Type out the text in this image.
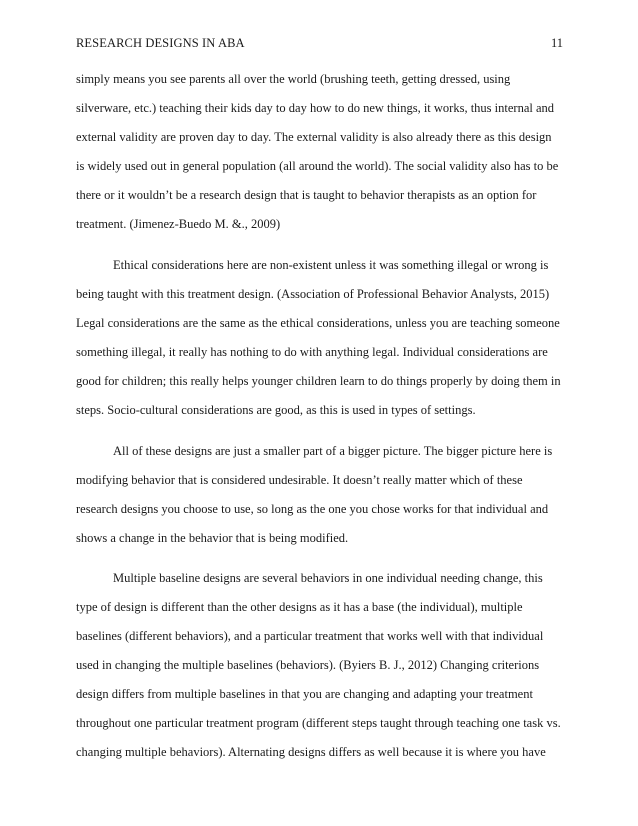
RESEARCH DESIGNS IN ABA	11
simply means you see parents all over the world (brushing teeth, getting dressed, using
silverware, etc.) teaching their kids day to day how to do new things, it works, thus internal and
external validity are proven day to day. The external validity is also already there as this design
is widely used out in general population (all around the world). The social validity also has to be
there or it wouldn’t be a research design that is taught to behavior therapists as an option for
treatment. (Jimenez-Buedo M. &., 2009)
Ethical considerations here are non-existent unless it was something illegal or wrong is
being taught with this treatment design. (Association of Professional Behavior Analysts, 2015)
Legal considerations are the same as the ethical considerations, unless you are teaching someone
something illegal, it really has nothing to do with anything legal. Individual considerations are
good for children; this really helps younger children learn to do things properly by doing them in
steps. Socio-cultural considerations are good, as this is used in types of settings.
All of these designs are just a smaller part of a bigger picture. The bigger picture here is
modifying behavior that is considered undesirable. It doesn’t really matter which of these
research designs you choose to use, so long as the one you chose works for that individual and
shows a change in the behavior that is being modified.
Multiple baseline designs are several behaviors in one individual needing change, this
type of design is different than the other designs as it has a base (the individual), multiple
baselines (different behaviors), and a particular treatment that works well with that individual
used in changing the multiple baselines (behaviors). (Byiers B. J., 2012) Changing criterions
design differs from multiple baselines in that you are changing and adapting your treatment
throughout one particular treatment program (different steps taught through teaching one task vs.
changing multiple behaviors). Alternating designs differs as well because it is where you have
